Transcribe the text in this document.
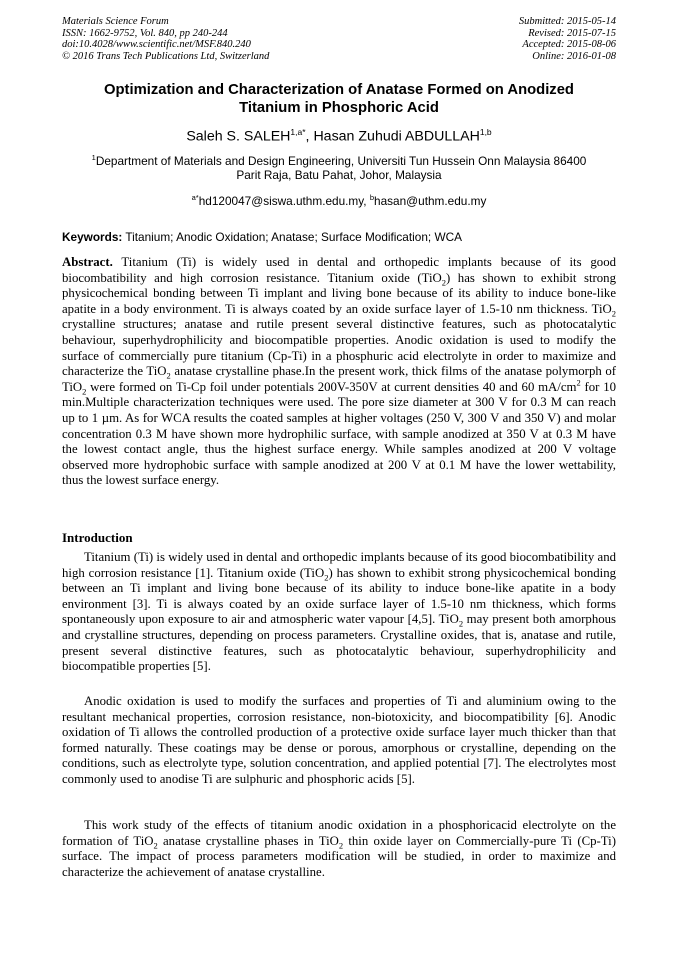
Materials Science Forum
ISSN: 1662-9752, Vol. 840, pp 240-244
doi:10.4028/www.scientific.net/MSF.840.240
© 2016 Trans Tech Publications Ltd, Switzerland
Submitted: 2015-05-14
Revised: 2015-07-15
Accepted: 2015-08-06
Online: 2016-01-08
Optimization and Characterization of Anatase Formed on Anodized
Titanium in Phosphoric Acid
Saleh S. $SALEH^{1,a*}$, Hasan Zuhudi ABDULLAH$^{1,b}$
$^1$Department of Materials and Design Engineering, Universiti Tun Hussein Onn Malaysia 86400
Parit Raja, Batu Pahat, Johor, Malaysia
$^{a*}$hd120047@siswa.uthm.edu.my, $^b$hasan@uthm.edu.my
Keywords: Titanium; Anodic Oxidation; Anatase; Surface Modification; WCA
Abstract. Titanium (Ti) is widely used in dental and orthopedic implants because of its good biocombatibility and high corrosion resistance. Titanium oxide (TiO$_2$) has shown to exhibit strong physicochemical bonding between Ti implant and living bone because of its ability to induce bone-like apatite in a body environment. Ti is always coated by an oxide surface layer of 1.5-10 nm thickness. TiO$_2$ crystalline structures; anatase and rutile present several distinctive features, such as photocatalytic behaviour, superhydrophilicity and biocompatible properties. Anodic oxidation is used to modify the surface of commercially pure titanium (Cp-Ti) in a phosphuric acid electrolyte in order to maximize and characterize the TiO$_2$ anatase crystalline phase.In the present work, thick films of the anatase polymorph of TiO$_2$ were formed on Ti-Cp foil under potentials 200V-350V at current densities 40 and 60 $mA/cm^2$ for 10 min.Multiple characterization techniques were used. The pore size diameter at 300 V for 0.3 M can reach up to 1 µm. As for WCA results the coated samples at higher voltages (250 V, 300 V and 350 V) and molar concentration 0.3 M have shown more hydrophilic surface, with sample anodized at 350 V at 0.3 M have the lowest contact angle, thus the highest surface energy. While samples anodized at 200 V voltage observed more hydrophobic surface with sample anodized at 200 V at 0.1 M have the lower wettability, thus the lowest surface energy.
Introduction
Titanium (Ti) is widely used in dental and orthopedic implants because of its good biocombatibility and high corrosion resistance [1]. Titanium oxide (TiO$_2$) has shown to exhibit strong physicochemical bonding between an Ti implant and living bone because of its ability to induce bone-like apatite in a body environment [3]. Ti is always coated by an oxide surface layer of 1.5-10 nm thickness, which forms spontaneously upon exposure to air and atmospheric water vapour [4,5]. TiO$_2$ may present both amorphous and crystalline structures, depending on process parameters. Crystalline oxides, that is, anatase and rutile, present several distinctive features, such as photocatalytic behaviour, superhydrophilicity and biocompatible properties [5].
Anodic oxidation is used to modify the surfaces and properties of Ti and aluminium owing to the resultant mechanical properties, corrosion resistance, non-biotoxicity, and biocompatibility [6]. Anodic oxidation of Ti allows the controlled production of a protective oxide surface layer much thicker than that formed naturally. These coatings may be dense or porous, amorphous or crystalline, depending on the conditions, such as electrolyte type, solution concentration, and applied potential [7]. The electrolytes most commonly used to anodise Ti are sulphuric and phosphoric acids [5].
This work study of the effects of titanium anodic oxidation in a phosphoricacid electrolyte on the formation of TiO$_2$ anatase crystalline phases in TiO$_2$ thin oxide layer on Commercially-pure Ti (Cp-Ti) surface. The impact of process parameters modification will be studied, in order to maximize and characterize the achievement of anatase crystalline.
